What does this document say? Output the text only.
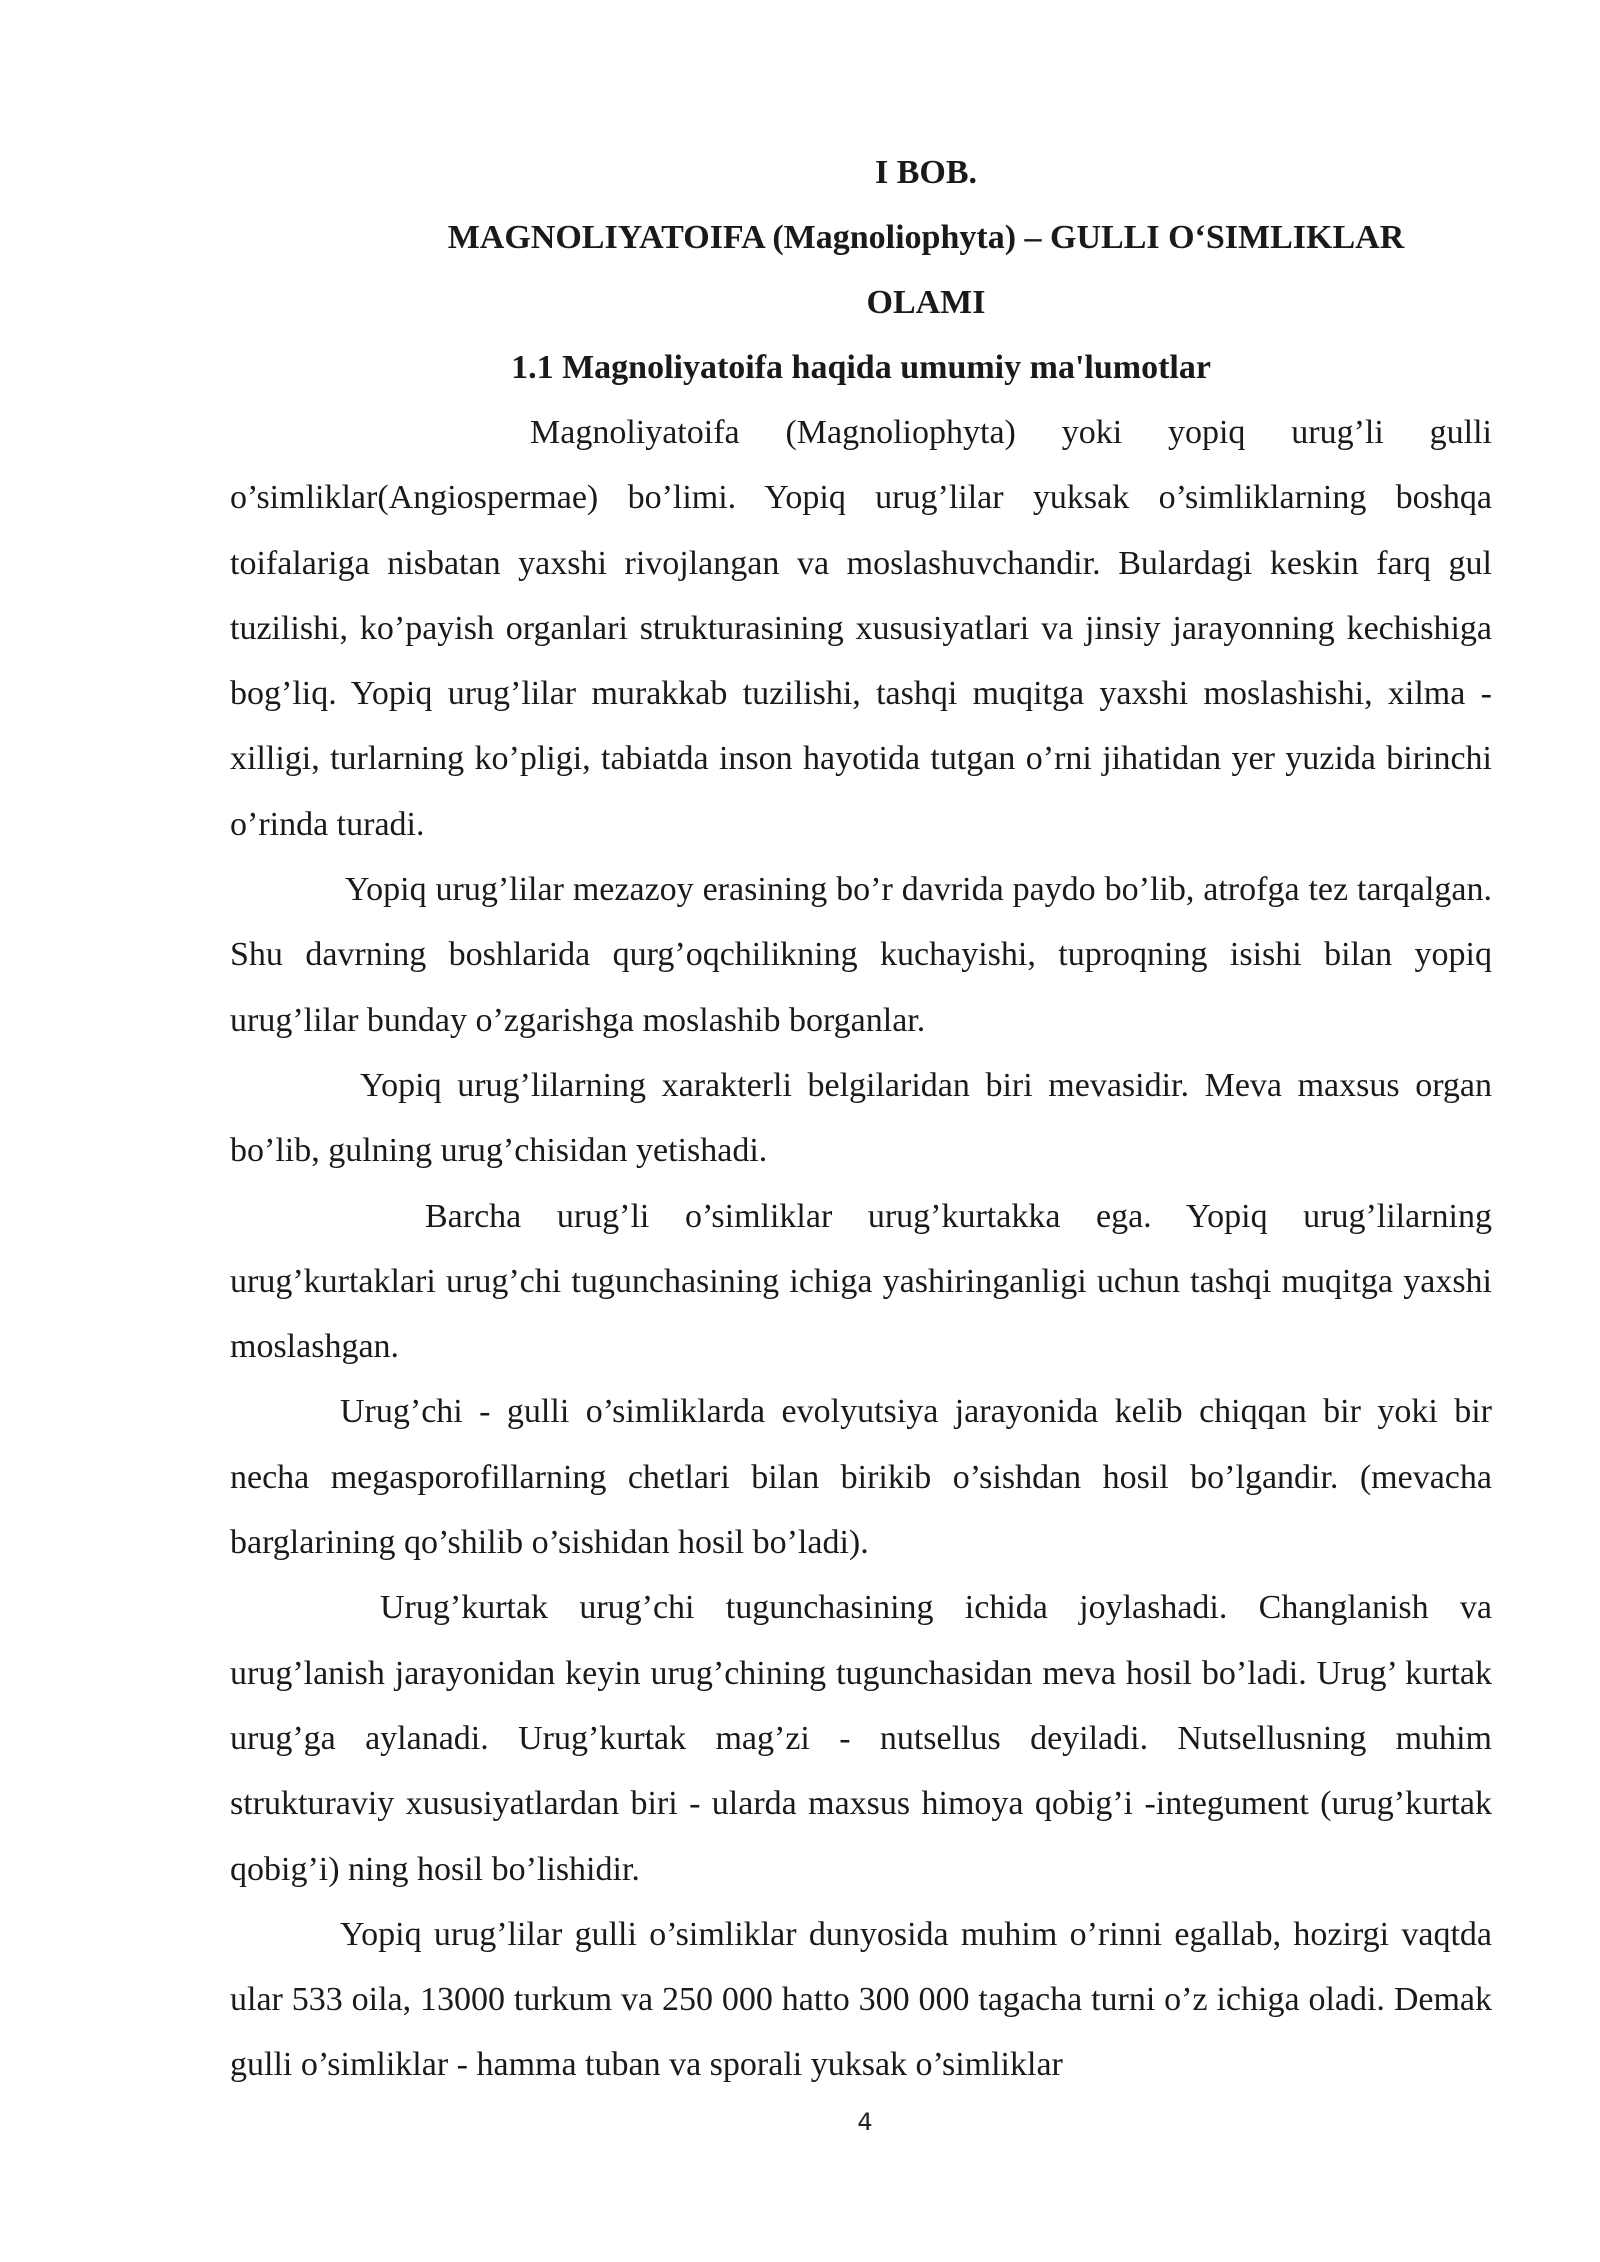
I BOB.

MAGNOLIYATOIFA (Magnoliophyta) – GULLI O‘SIMLIKLAR

OLAMI

1.1 Magnoliyatoifa haqida umumiy ma'lumotlar

Magnoliyatoifa (Magnoliophyta) yoki yopiq urug’li gulli o’simliklar(Angiospermae) bo’limi. Yopiq urug’lilar yuksak o’simliklarning boshqa toifalariga nisbatan yaxshi rivojlangan va moslashuvchandir. Bulardagi keskin farq gul tuzilishi, ko’payish organlari strukturasining xususiyatlari va jinsiy jarayonning kechishiga bog’liq. Yopiq urug’lilar murakkab tuzilishi, tashqi muqitga yaxshi moslashishi, xilma -xilligi, turlarning ko’pligi, tabiatda inson hayotida tutgan o’rni jihatidan yer yuzida birinchi o’rinda turadi.

Yopiq urug’lilar mezazoy erasining bo’r davrida paydo bo’lib, atrofga tez tarqalgan. Shu davrning boshlarida qurg’oqchilikning kuchayishi, tuproqning isishi bilan yopiq urug’lilar bunday o’zgarishga moslashib borganlar.

Yopiq urug’lilarning xarakterli belgilaridan biri mevasidir. Meva maxsus organ bo’lib, gulning urug’chisidan yetishadi.

Barcha urug’li o’simliklar urug’kurtakka ega. Yopiq urug’lilarning urug’kurtaklari urug’chi tugunchasining ichiga yashiringanligi uchun tashqi muqitga yaxshi moslashgan.

Urug’chi - gulli o’simliklarda evolyutsiya jarayonida kelib chiqqan bir yoki bir necha megasporofillarning chetlari bilan birikib o’sishdan hosil bo’lgandir. (mevacha barglarining qo’shilib o’sishidan hosil bo’ladi).

Urug’kurtak urug’chi tugunchasining ichida joylashadi. Changlanish va urug’lanish jarayonidan keyin urug’chining tugunchasidan meva hosil bo’ladi. Urug’ kurtak urug’ga aylanadi. Urug’kurtak mag’zi - nutsellus deyiladi. Nutsellusning muhim strukturaviy xususiyatlardan biri - ularda maxsus himoya qobig’i -integument (urug’kurtak qobig’i) ning hosil bo’lishidir.

Yopiq urug’lilar gulli o’simliklar dunyosida muhim o’rinni egallab, hozirgi vaqtda ular 533 oila, 13000 turkum va 250 000 hatto 300 000 tagacha turni o’z ichiga oladi. Demak gulli o’simliklar - hamma tuban va sporali yuksak o’simliklar

4
